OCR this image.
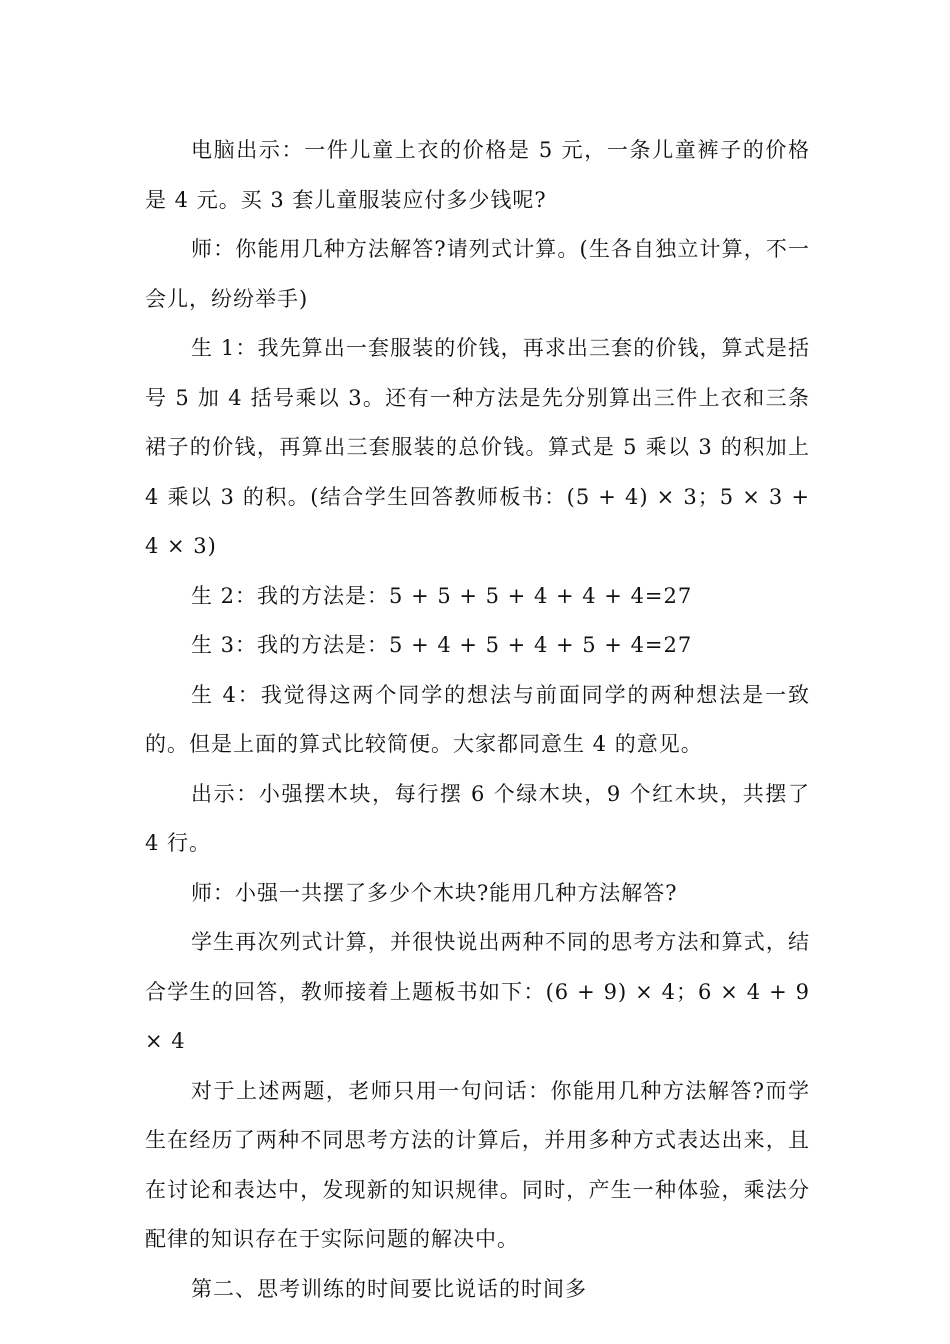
电脑出示：一件儿童上衣的价格是 5 元，一条儿童裤子的价格是 4 元。买 3 套儿童服装应付多少钱呢?

师：你能用几种方法解答?请列式计算。(生各自独立计算，不一会儿，纷纷举手)

生 1：我先算出一套服装的价钱，再求出三套的价钱，算式是括号 5 加 4 括号乘以 3。还有一种方法是先分别算出三件上衣和三条裙子的价钱，再算出三套服装的总价钱。算式是 5 乘以 3 的积加上 4 乘以 3 的积。(结合学生回答教师板书：(5 + 4) × 3；5 × 3 + 4 × 3)

生 2：我的方法是：5 + 5 + 5 + 4 + 4 + 4=27

生 3：我的方法是：5 + 4 + 5 + 4 + 5 + 4=27

生 4：我觉得这两个同学的想法与前面同学的两种想法是一致的。但是上面的算式比较简便。大家都同意生 4 的意见。

出示：小强摆木块，每行摆 6 个绿木块，9 个红木块，共摆了 4 行。

师：小强一共摆了多少个木块?能用几种方法解答?

学生再次列式计算，并很快说出两种不同的思考方法和算式，结合学生的回答，教师接着上题板书如下：(6 + 9) × 4；6 × 4 + 9 × 4

对于上述两题，老师只用一句问话：你能用几种方法解答?而学生在经历了两种不同思考方法的计算后，并用多种方式表达出来，且在讨论和表达中，发现新的知识规律。同时，产生一种体验，乘法分配律的知识存在于实际问题的解决中。

第二、思考训练的时间要比说话的时间多
